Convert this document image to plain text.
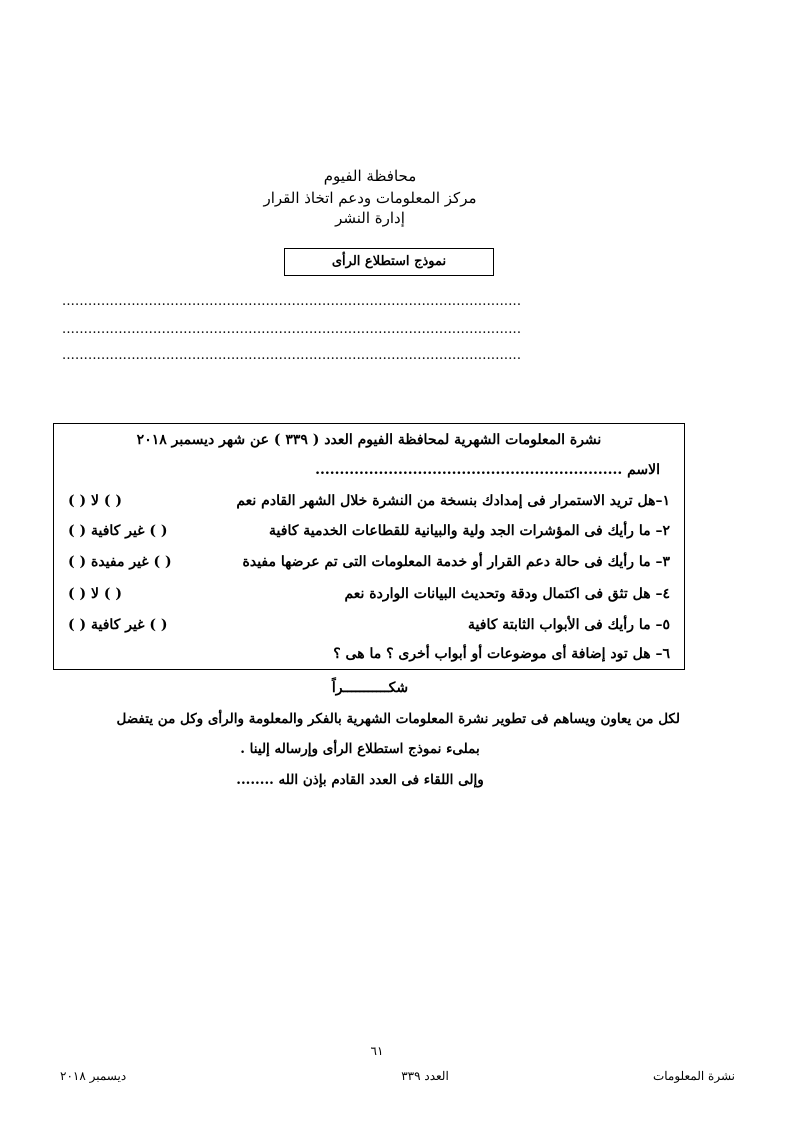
محافظة الفيوم
مركز المعلومات ودعم اتخاذ القرار
إدارة النشر
نموذج استطلاع الرأى
..........................................................................................................
..........................................................................................................
..........................................................................................................
نشرة المعلومات الشهرية لمحافظة الفيوم العدد ( ٣٣٩ ) عن شهر ديسمبر ٢٠١٨
الاسم ...............................................................
١–هل تريد الاستمرار فى إمدادك بنسخة من النشرة خلال الشهر القادم نعم
( ) لا ( )
٢– ما رأيك فى المؤشرات الجد ولية والبيانية للقطاعات الخدمية كافية
( ) غير كافية ( )
٣– ما رأيك فى حالة دعم القرار أو خدمة المعلومات التى تم عرضها مفيدة
( ) غير مفيدة ( )
٤– هل تثق فى اكتمال ودقة وتحديث البيانات الواردة نعم
( ) لا ( )
٥– ما رأيك فى الأبواب الثابتة كافية
( ) غير كافية ( )
٦– هل تود إضافة أى موضوعات أو أبواب أخرى ؟ ما هى ؟
شكـــــــــــراً
لكل من يعاون ويساهم فى تطوير نشرة المعلومات الشهرية بالفكر والمعلومة والرأى وكل من يتفضل
بملىء نموذج استطلاع الرأى وإرساله إلينا .
وإلى اللقاء فى العدد القادم بإذن الله ........
٦١
نشرة المعلومات
العدد ٣٣٩
ديسمبر ٢٠١٨
